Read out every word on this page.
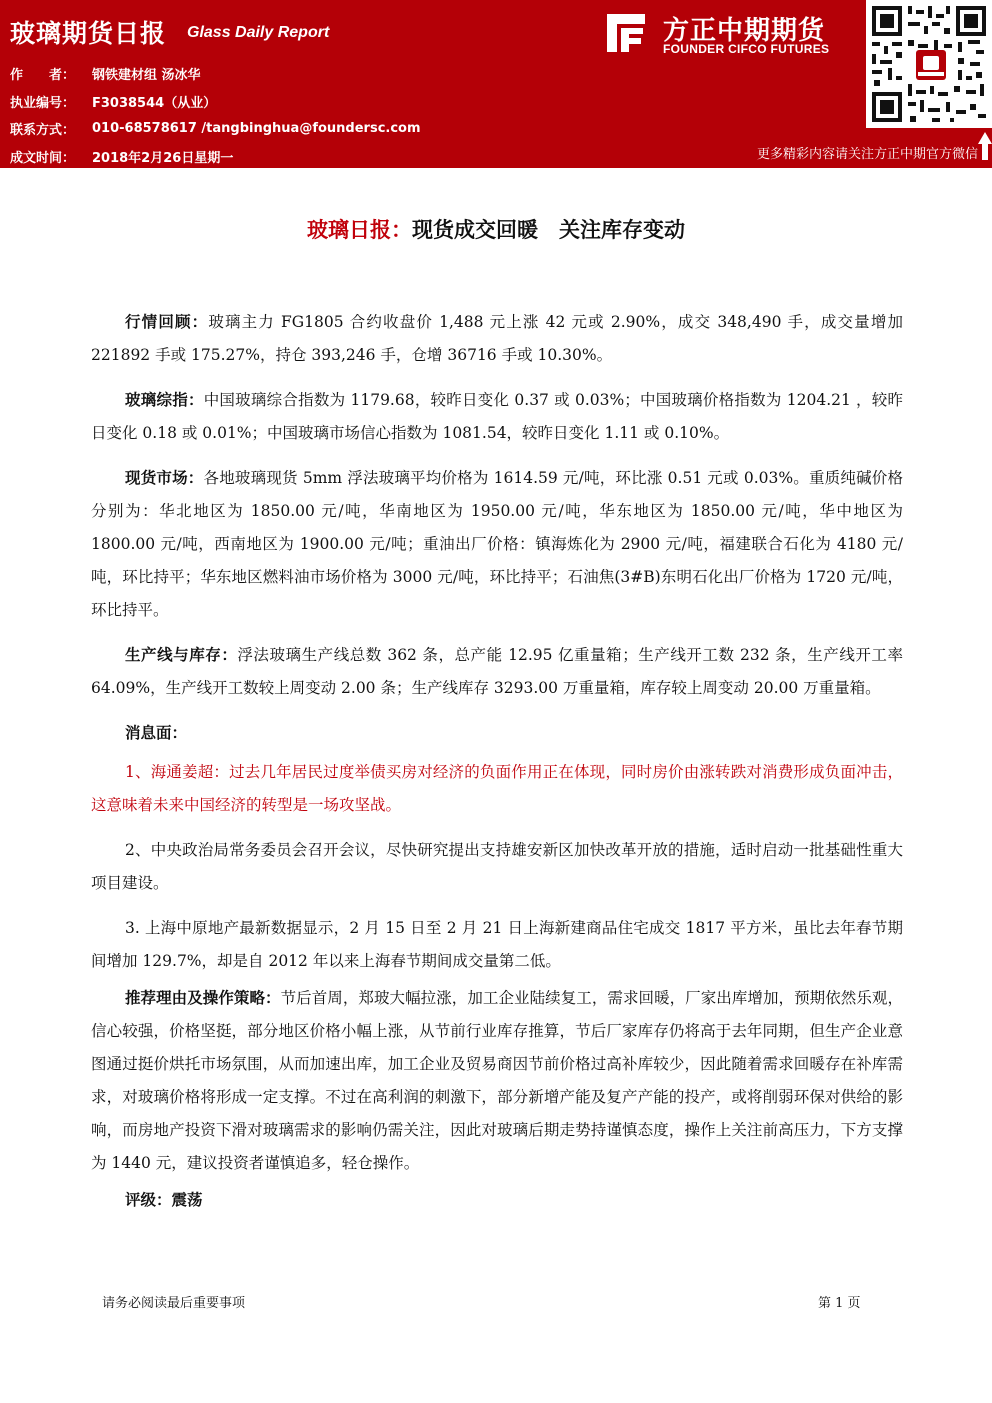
玻璃期货日报 Glass Daily Report
作　　者：	钢铁建材组 汤冰华
执业编号：	F3038544（从业）
联系方式：	010-68578617 /tangbinghua@foundersc.com
成文时间：	2018年2月26日星期一
方正中期期货
FOUNDER CIFCO FUTURES
更多精彩内容请关注方正中期官方微信
玻璃日报：现货成交回暖　关注库存变动

行情回顾：玻璃主力 FG1805 合约收盘价 1,488 元上涨 42 元或 2.90%，成交 348,490 手，成交量增加 221892 手或 175.27%，持仓 393,246 手，仓增 36716 手或 10.30%。

玻璃综指：中国玻璃综合指数为 1179.68，较昨日变化 0.37 或 0.03%；中国玻璃价格指数为 1204.21 ，较昨日变化 0.18 或 0.01%；中国玻璃市场信心指数为 1081.54，较昨日变化 1.11 或 0.10%。

现货市场：各地玻璃现货 5mm 浮法玻璃平均价格为 1614.59 元/吨，环比涨 0.51 元或 0.03%。重质纯碱价格分别为：华北地区为 1850.00 元/吨，华南地区为 1950.00 元/吨，华东地区为 1850.00 元/吨，华中地区为 1800.00 元/吨，西南地区为 1900.00 元/吨；重油出厂价格：镇海炼化为 2900 元/吨，福建联合石化为 4180 元/吨，环比持平；华东地区燃料油市场价格为 3000 元/吨，环比持平；石油焦(3#B)东明石化出厂价格为 1720 元/吨，环比持平。

生产线与库存：浮法玻璃生产线总数 362 条，总产能 12.95 亿重量箱；生产线开工数 232 条，生产线开工率 64.09%，生产线开工数较上周变动 2.00 条；生产线库存 3293.00 万重量箱，库存较上周变动 20.00 万重量箱。

消息面：

1、海通姜超：过去几年居民过度举债买房对经济的负面作用正在体现，同时房价由涨转跌对消费形成负面冲击，这意味着未来中国经济的转型是一场攻坚战。

2、中央政治局常务委员会召开会议，尽快研究提出支持雄安新区加快改革开放的措施，适时启动一批基础性重大项目建设。

3. 上海中原地产最新数据显示，2 月 15 日至 2 月 21 日上海新建商品住宅成交 1817 平方米，虽比去年春节期间增加 129.7%，却是自 2012 年以来上海春节期间成交量第二低。

推荐理由及操作策略：节后首周，郑玻大幅拉涨，加工企业陆续复工，需求回暖，厂家出库增加，预期依然乐观，信心较强，价格坚挺，部分地区价格小幅上涨，从节前行业库存推算，节后厂家库存仍将高于去年同期，但生产企业意图通过挺价烘托市场氛围，从而加速出库，加工企业及贸易商因节前价格过高补库较少，因此随着需求回暖存在补库需求，对玻璃价格将形成一定支撑。不过在高利润的刺激下，部分新增产能及复产产能的投产，或将削弱环保对供给的影响，而房地产投资下滑对玻璃需求的影响仍需关注，因此对玻璃后期走势持谨慎态度，操作上关注前高压力，下方支撑为 1440 元，建议投资者谨慎追多，轻仓操作。

评级：震荡

请务必阅读最后重要事项	第 1 页
